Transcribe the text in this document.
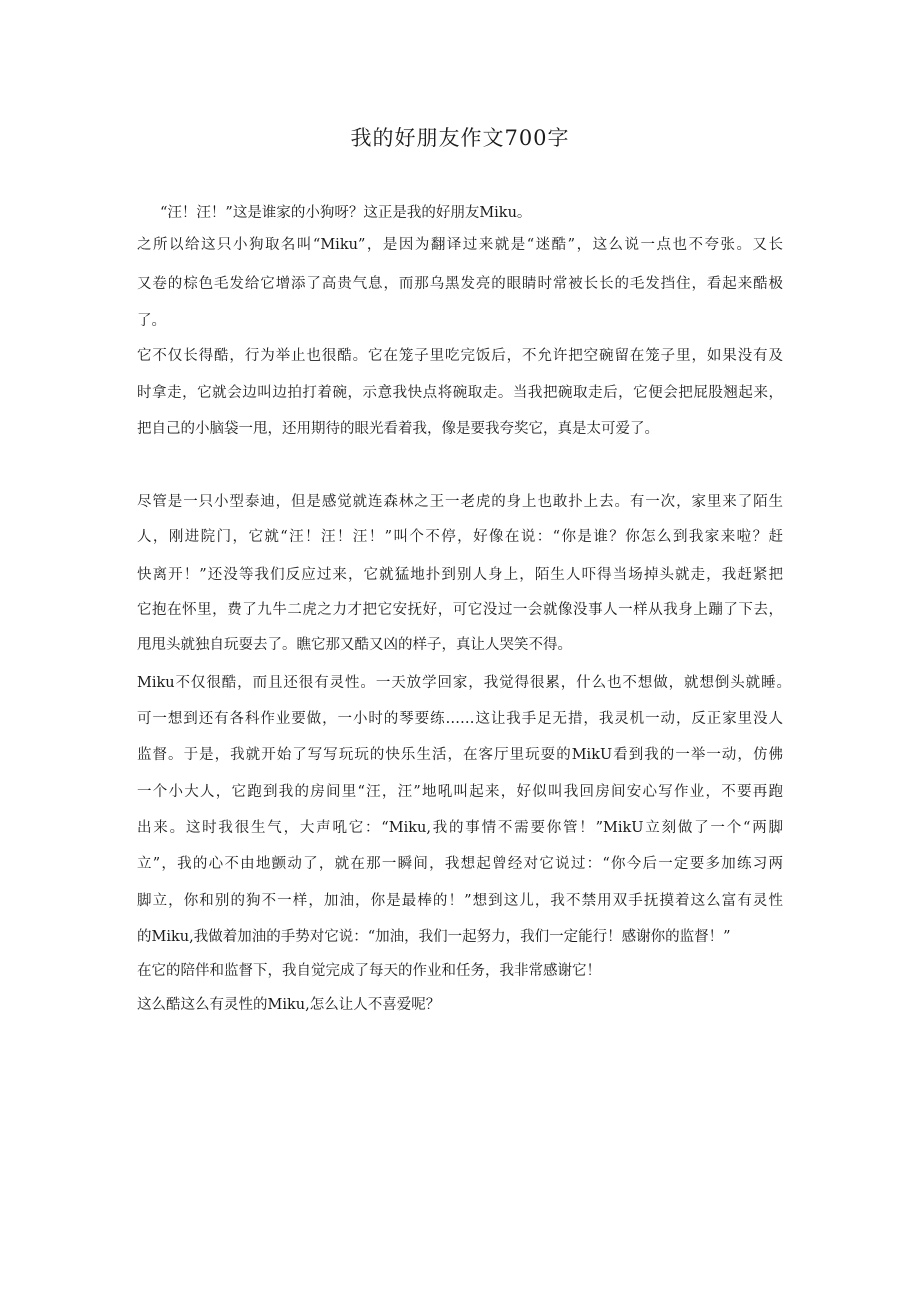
我的好朋友作文700字
“汪！汪！”这是谁家的小狗呀？这正是我的好朋友Miku。
之所以给这只小狗取名叫“Miku”，是因为翻译过来就是“迷酷”，这么说一点也不夸张。又长
又卷的棕色毛发给它增添了高贵气息，而那乌黑发亮的眼睛时常被长长的毛发挡住，看起来酷极
了。
它不仅长得酷，行为举止也很酷。它在笼子里吃完饭后，不允许把空碗留在笼子里，如果没有及
时拿走，它就会边叫边拍打着碗，示意我快点将碗取走。当我把碗取走后，它便会把屁股翘起来，
把自己的小脑袋一甩，还用期待的眼光看着我，像是要我夸奖它，真是太可爱了。
尽管是一只小型泰迪，但是感觉就连森林之王一老虎的身上也敢扑上去。有一次，家里来了陌生
人，刚进院门，它就“汪！汪！汪！”叫个不停，好像在说：“你是谁？你怎么到我家来啦？赶
快离开！”还没等我们反应过来，它就猛地扑到别人身上，陌生人吓得当场掉头就走，我赶紧把
它抱在怀里，费了九牛二虎之力才把它安抚好，可它没过一会就像没事人一样从我身上蹦了下去，
甩甩头就独自玩耍去了。瞧它那又酷又凶的样子，真让人哭笑不得。
Miku不仅很酷，而且还很有灵性。一天放学回家，我觉得很累，什么也不想做，就想倒头就睡。
可一想到还有各科作业要做，一小时的琴要练……这让我手足无措，我灵机一动，反正家里没人
监督。于是，我就开始了写写玩玩的快乐生活，在客厅里玩耍的MikU看到我的一举一动，仿佛
一个小大人，它跑到我的房间里“汪，汪”地吼叫起来，好似叫我回房间安心写作业，不要再跑
出来。这时我很生气，大声吼它：“Miku,我的事情不需要你管！”MikU立刻做了一个“两脚
立”，我的心不由地颤动了，就在那一瞬间，我想起曾经对它说过：“你今后一定要多加练习两
脚立，你和别的狗不一样，加油，你是最棒的！”想到这儿，我不禁用双手抚摸着这么富有灵性
的Miku,我做着加油的手势对它说：“加油，我们一起努力，我们一定能行！感谢你的监督！”
在它的陪伴和监督下，我自觉完成了每天的作业和任务，我非常感谢它！
这么酷这么有灵性的Miku,怎么让人不喜爱呢？
